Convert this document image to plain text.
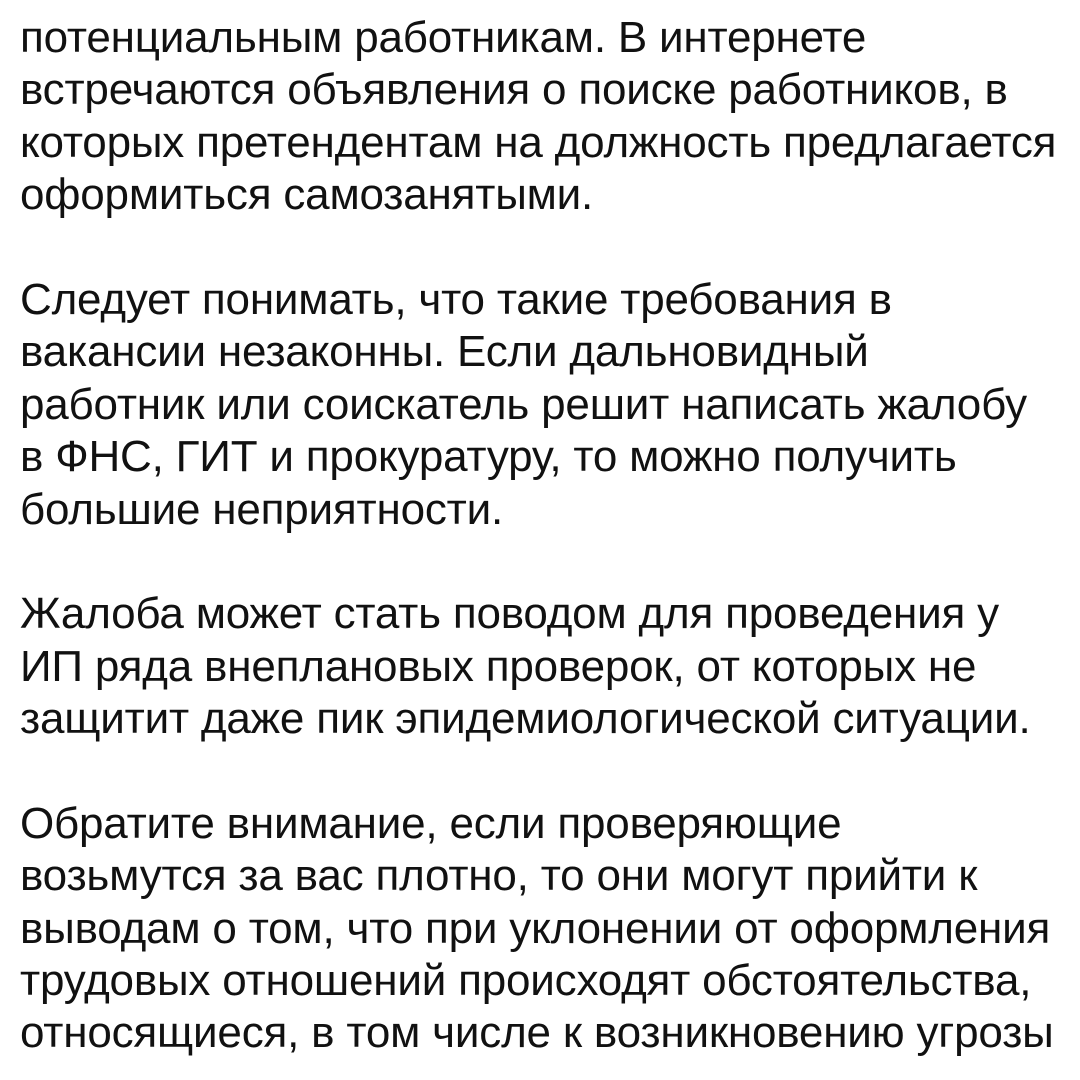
потенциальным работникам. В интернете
встречаются объявления о поиске работников, в
которых претендентам на должность предлагается
оформиться самозанятыми.

Следует понимать, что такие требования в
вакансии незаконны. Если дальновидный
работник или соискатель решит написать жалобу
в ФНС, ГИТ и прокуратуру, то можно получить
большие неприятности.

Жалоба может стать поводом для проведения у
ИП ряда внеплановых проверок, от которых не
защитит даже пик эпидемиологической ситуации.

Обратите внимание, если проверяющие
возьмутся за вас плотно, то они могут прийти к
выводам о том, что при уклонении от оформления
трудовых отношений происходят обстоятельства,
относящиеся, в том числе к возникновению угрозы
